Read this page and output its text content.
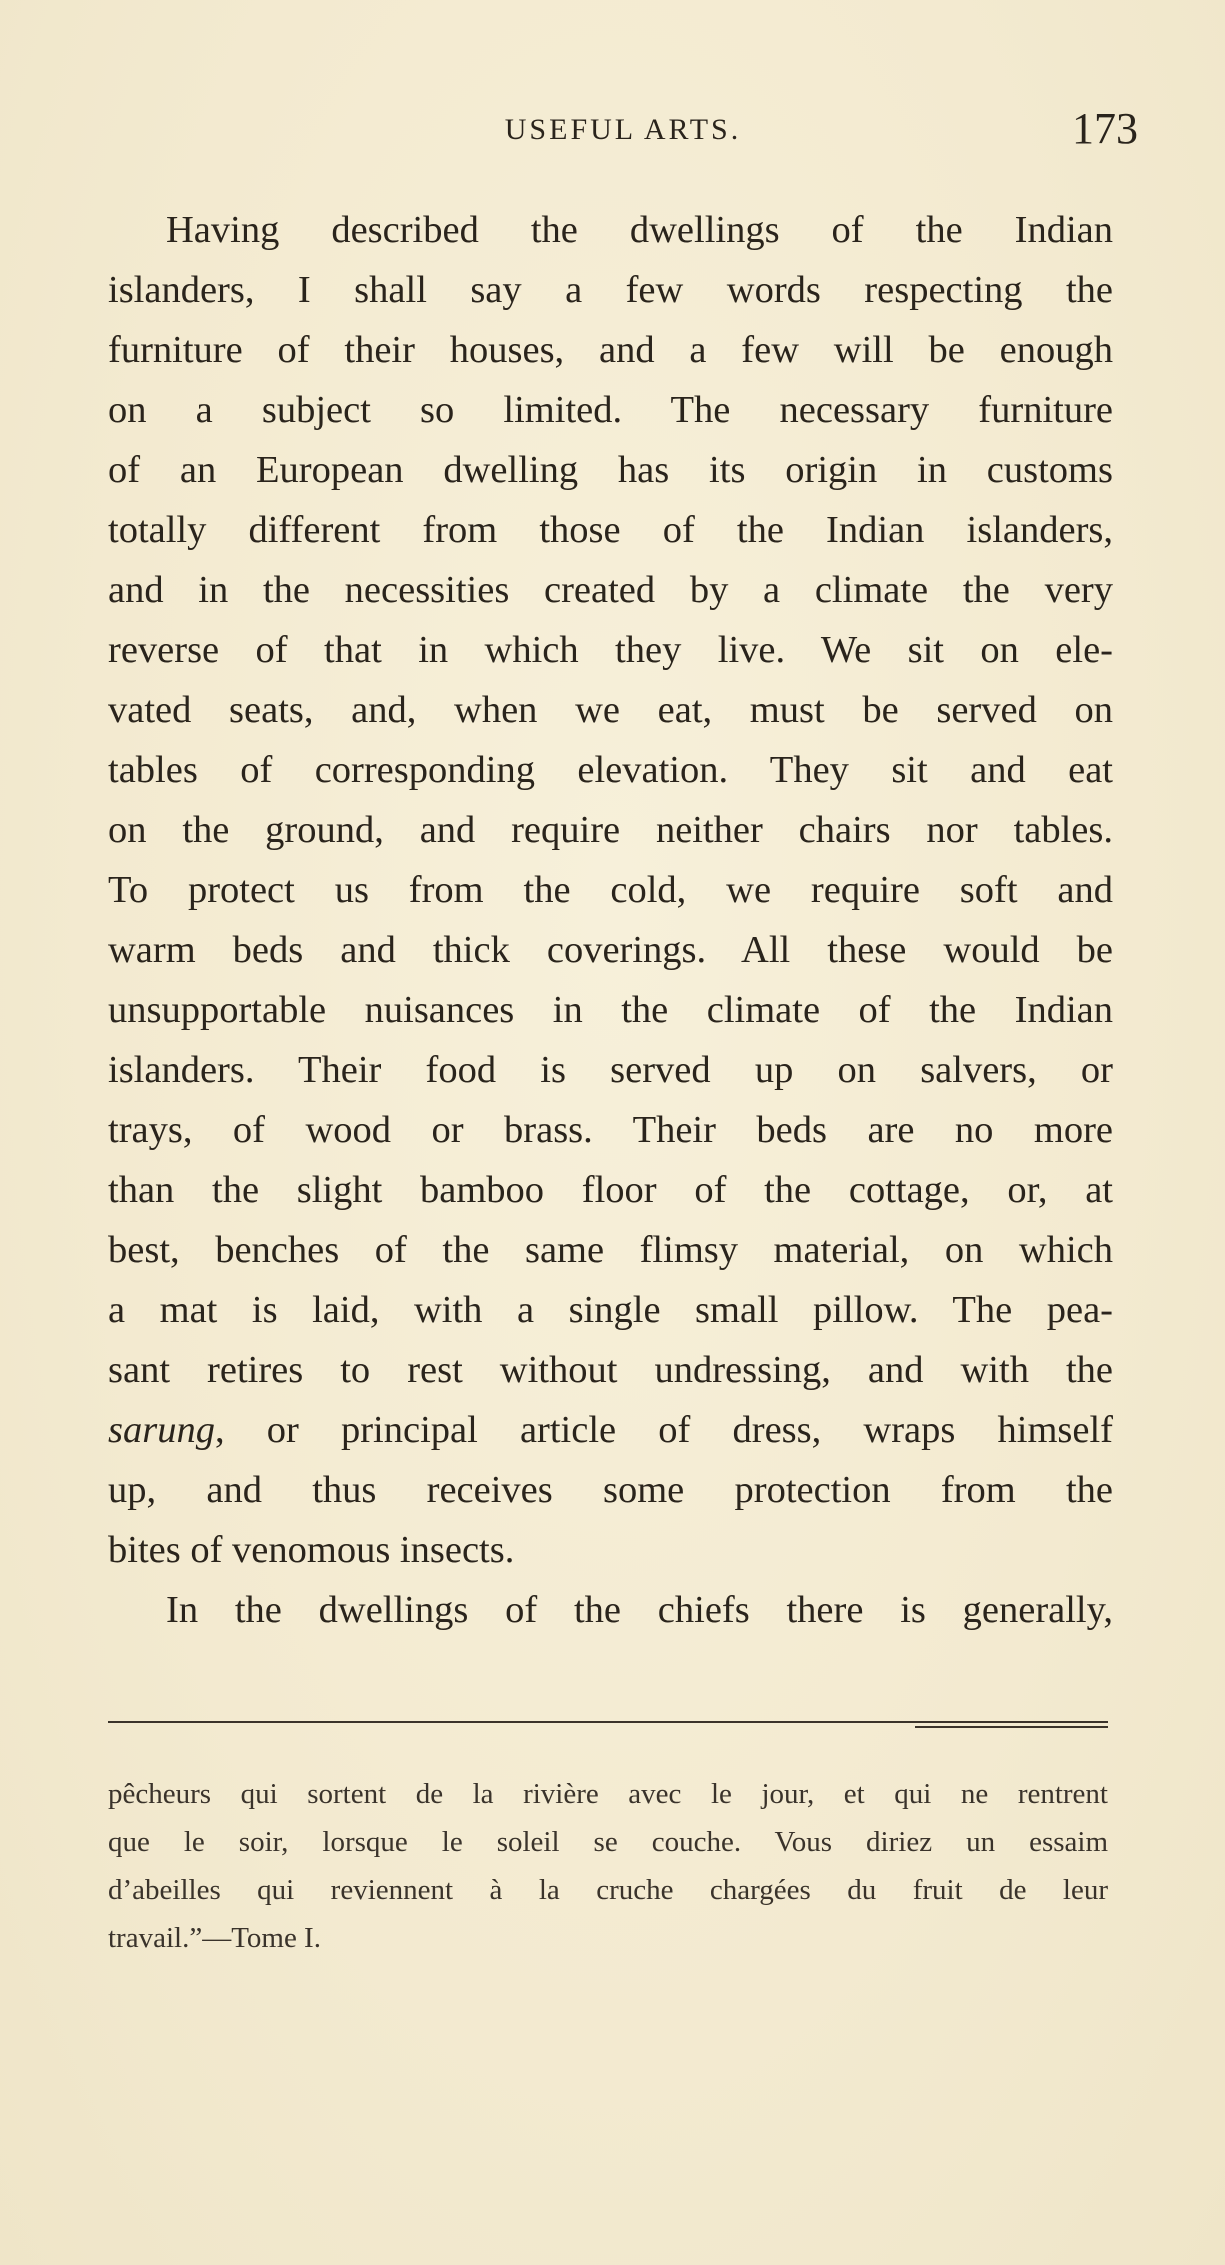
USEFUL ARTS.	173
Having described the dwellings of the Indian
islanders, I shall say a few words respecting the
furniture of their houses, and a few will be enough
on a subject so limited. The necessary furniture
of an European dwelling has its origin in customs
totally different from those of the Indian islanders,
and in the necessities created by a climate the very
reverse of that in which they live. We sit on ele-
vated seats, and, when we eat, must be served on
tables of corresponding elevation. They sit and eat
on the ground, and require neither chairs nor tables.
To protect us from the cold, we require soft and
warm beds and thick coverings. All these would be
unsupportable nuisances in the climate of the Indian
islanders. Their food is served up on salvers, or
trays, of wood or brass. Their beds are no more
than the slight bamboo floor of the cottage, or, at
best, benches of the same flimsy material, on which
a mat is laid, with a single small pillow. The pea-
sant retires to rest without undressing, and with the
sarung, or principal article of dress, wraps himself
up, and thus receives some protection from the
bites of venomous insects.
In the dwellings of the chiefs there is generally,
pêcheurs qui sortent de la rivière avec le jour, et qui ne rentrent
que le soir, lorsque le soleil se couche. Vous diriez un essaim
d’abeilles qui reviennent à la cruche chargées du fruit de leur
travail.”—Tome I.
